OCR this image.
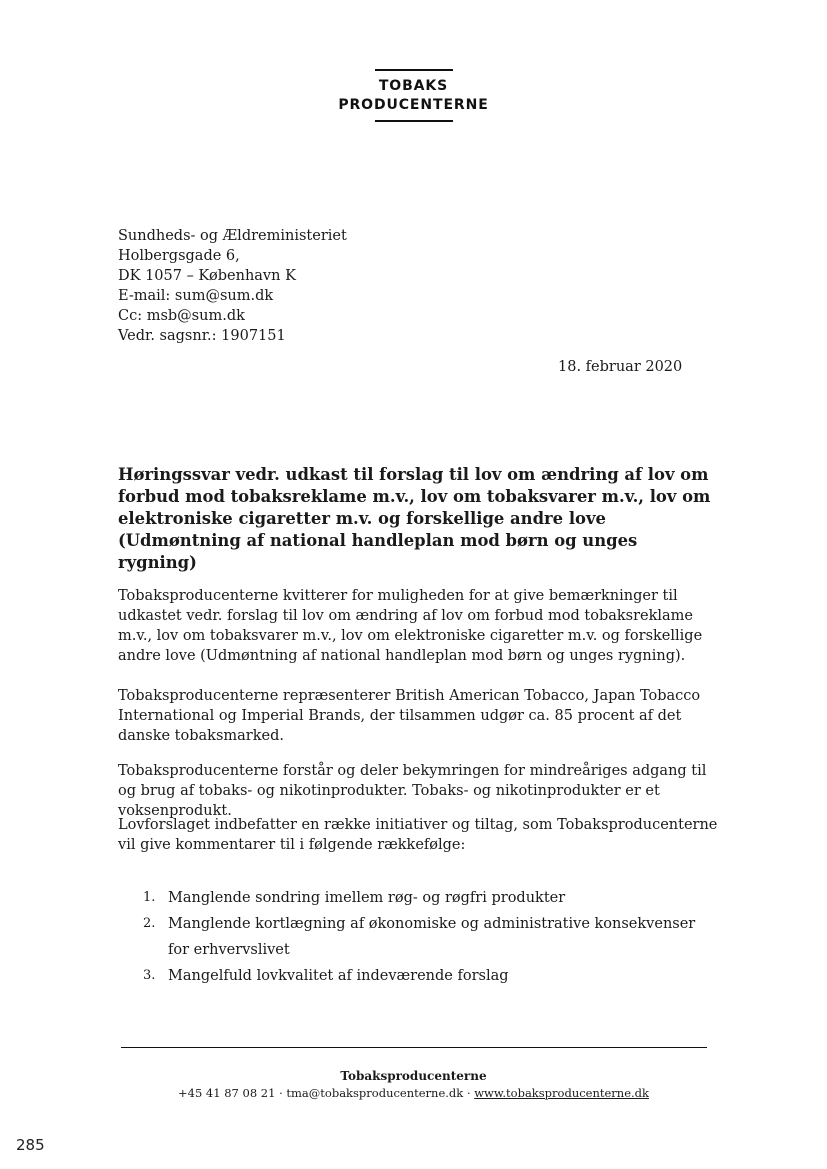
TOBAKS
PRODUCENTERNE
Sundheds- og Ældreministeriet
Holbergsgade 6,
DK 1057 – København K
E-mail: sum@sum.dk
Cc: msb@sum.dk
Vedr. sagsnr.: 1907151
18. februar 2020
Høringssvar vedr. udkast til forslag til lov om ændring af lov om forbud mod tobaksreklame m.v., lov om tobaksvarer m.v., lov om elektroniske cigaretter m.v. og forskellige andre love (Udmøntning af national handleplan mod børn og unges rygning)
Tobaksproducenterne kvitterer for muligheden for at give bemærkninger til udkastet vedr. forslag til lov om ændring af lov om forbud mod tobaksreklame m.v., lov om tobaksvarer m.v., lov om elektroniske cigaretter m.v. og forskellige andre love (Udmøntning af national handleplan mod børn og unges rygning).
Tobaksproducenterne repræsenterer British American Tobacco, Japan Tobacco International og Imperial Brands, der tilsammen udgør ca. 85 procent af det danske tobaksmarked.
Tobaksproducenterne forstår og deler bekymringen for mindreåriges adgang til og brug af tobaks- og nikotinprodukter. Tobaks- og nikotinprodukter er et voksenprodukt.
Lovforslaget indbefatter en række initiativer og tiltag, som Tobaksproducenterne vil give kommentarer til i følgende rækkefølge:
1. Manglende sondring imellem røg- og røgfri produkter
2. Manglende kortlægning af økonomiske og administrative konsekvenser for erhvervslivet
3. Mangelfuld lovkvalitet af indeværende forslag
Tobaksproducenterne
+45 41 87 08 21 · tma@tobaksproducenterne.dk · www.tobaksproducenterne.dk
285
